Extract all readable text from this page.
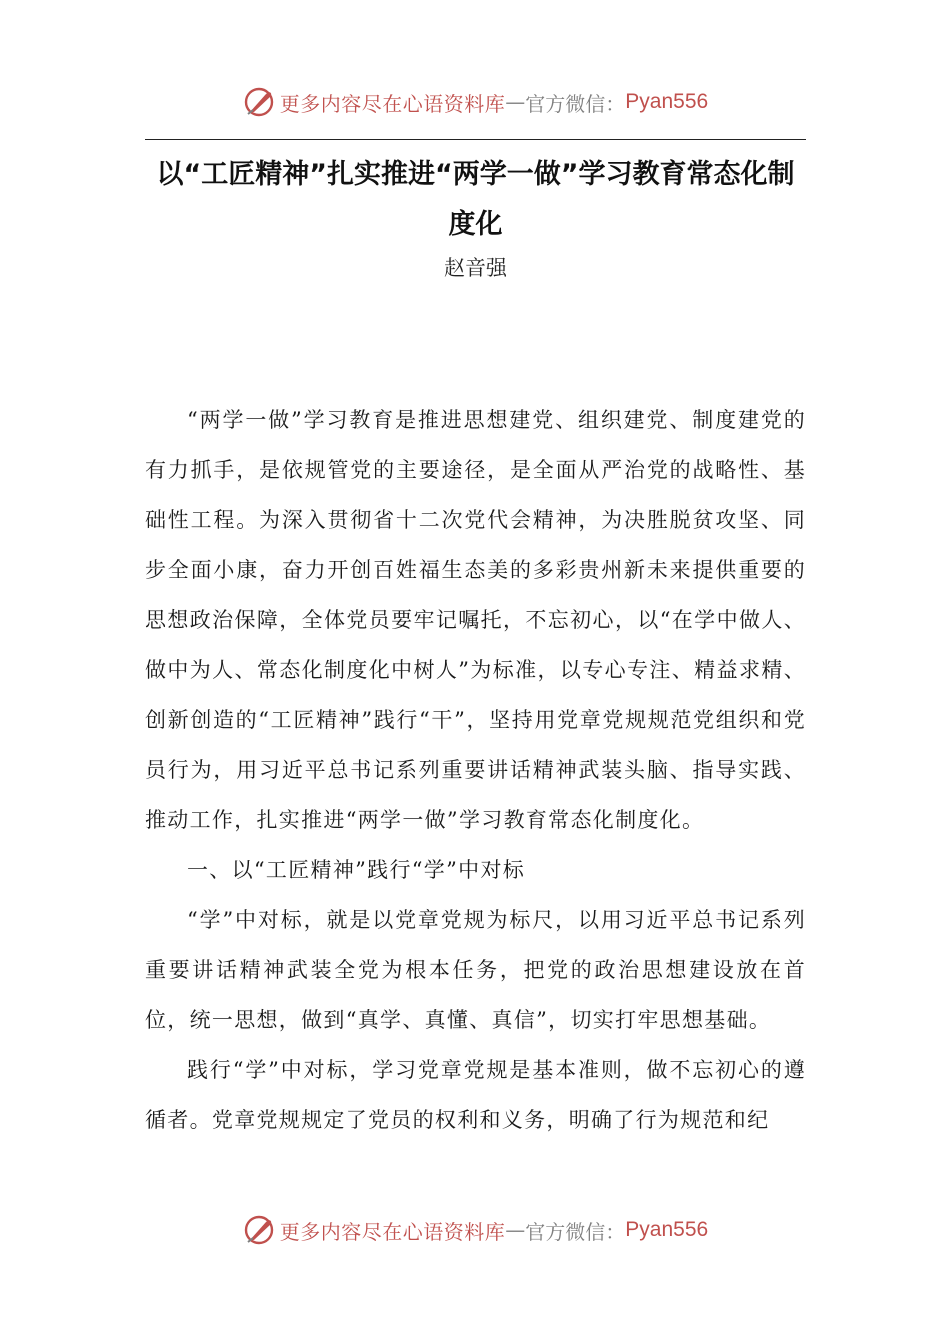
更多内容尽在心语资料库 — 官方微信： Pyan556
以“工匠精神”扎实推进“两学一做”学习教育常态化制度化
赵音强

“两学一做”学习教育是推进思想建党、组织建党、制度建党的有力抓手，是依规管党的主要途径，是全面从严治党的战略性、基础性工程。为深入贯彻省十二次党代会精神，为决胜脱贫攻坚、同步全面小康，奋力开创百姓福生态美的多彩贵州新未来提供重要的思想政治保障，全体党员要牢记嘱托，不忘初心，以“在学中做人、做中为人、常态化制度化中树人”为标准，以专心专注、精益求精、创新创造的“工匠精神”践行“干”，坚持用党章党规规范党组织和党员行为，用习近平总书记系列重要讲话精神武装头脑、指导实践、推动工作，扎实推进“两学一做”学习教育常态化制度化。

一、以“工匠精神”践行“学”中对标

“学”中对标，就是以党章党规为标尺，以用习近平总书记系列重要讲话精神武装全党为根本任务，把党的政治思想建设放在首位，统一思想，做到“真学、真懂、真信”，切实打牢思想基础。

践行“学”中对标，学习党章党规是基本准则，做不忘初心的遵循者。党章党规规定了党员的权利和义务，明确了行为规范和纪

更多内容尽在心语资料库 — 官方微信： Pyan556
